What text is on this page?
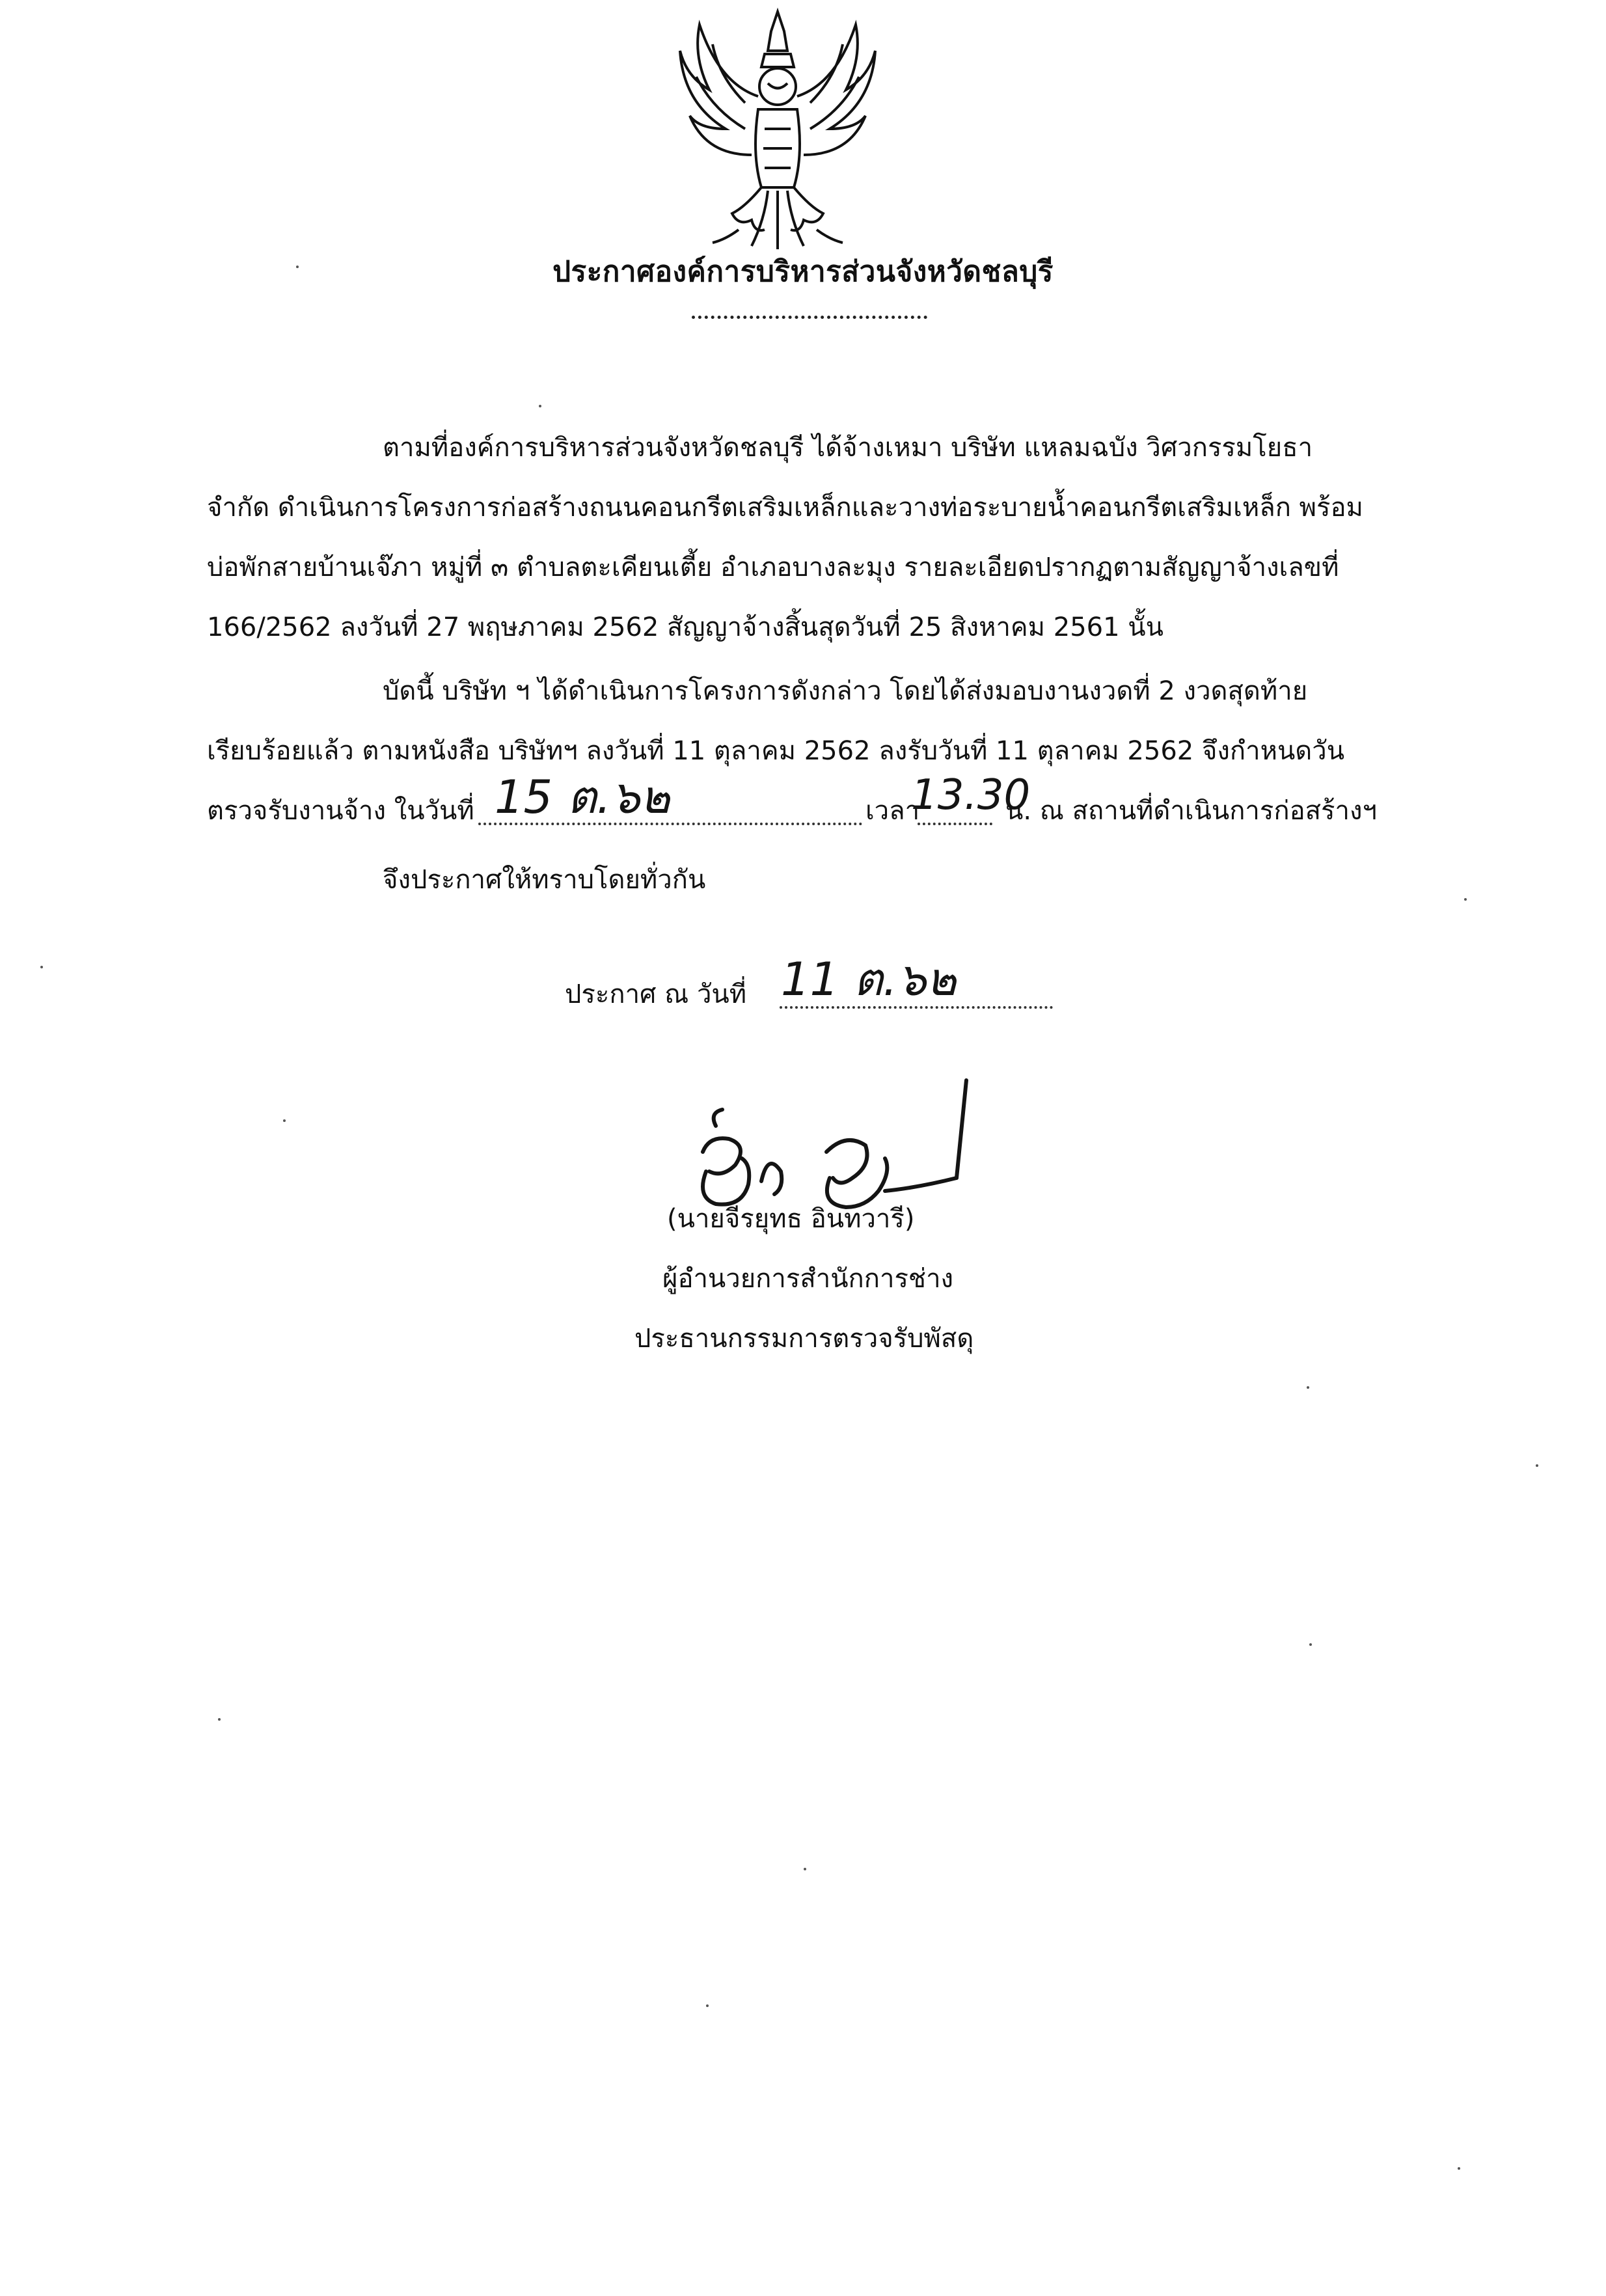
ประกาศองค์การบริหารส่วนจังหวัดชลบุรี
ตามที่องค์การบริหารส่วนจังหวัดชลบุรี ได้จ้างเหมา บริษัท แหลมฉบัง วิศวกรรมโยธา
จำกัด ดำเนินการโครงการก่อสร้างถนนคอนกรีตเสริมเหล็กและวางท่อระบายน้ำคอนกรีตเสริมเหล็ก พร้อม
บ่อพักสายบ้านเจ๊ภา หมู่ที่ ๓ ตำบลตะเคียนเตี้ย อำเภอบางละมุง รายละเอียดปรากฏตามสัญญาจ้างเลขที่
166/2562 ลงวันที่ 27 พฤษภาคม 2562 สัญญาจ้างสิ้นสุดวันที่ 25 สิงหาคม 2561 นั้น
บัดนี้ บริษัท ฯ ได้ดำเนินการโครงการดังกล่าว โดยได้ส่งมอบงานงวดที่ 2 งวดสุดท้าย
เรียบร้อยแล้ว ตามหนังสือ บริษัทฯ ลงวันที่ 11 ตุลาคม 2562 ลงรับวันที่ 11 ตุลาคม 2562 จึงกำหนดวัน
ตรวจรับงานจ้าง ในวันที่ 15 ต.๖๒	เวลา
13.30
น. ณ สถานที่ดำเนินการก่อสร้างฯ
จึงประกาศให้ทราบโดยทั่วกัน
ประกาศ ณ วันที่ 11 ต.๖๒
(นายจีรยุทธ อินทวารี)
ผู้อำนวยการสำนักการช่าง
ประธานกรรมการตรวจรับพัสดุ
